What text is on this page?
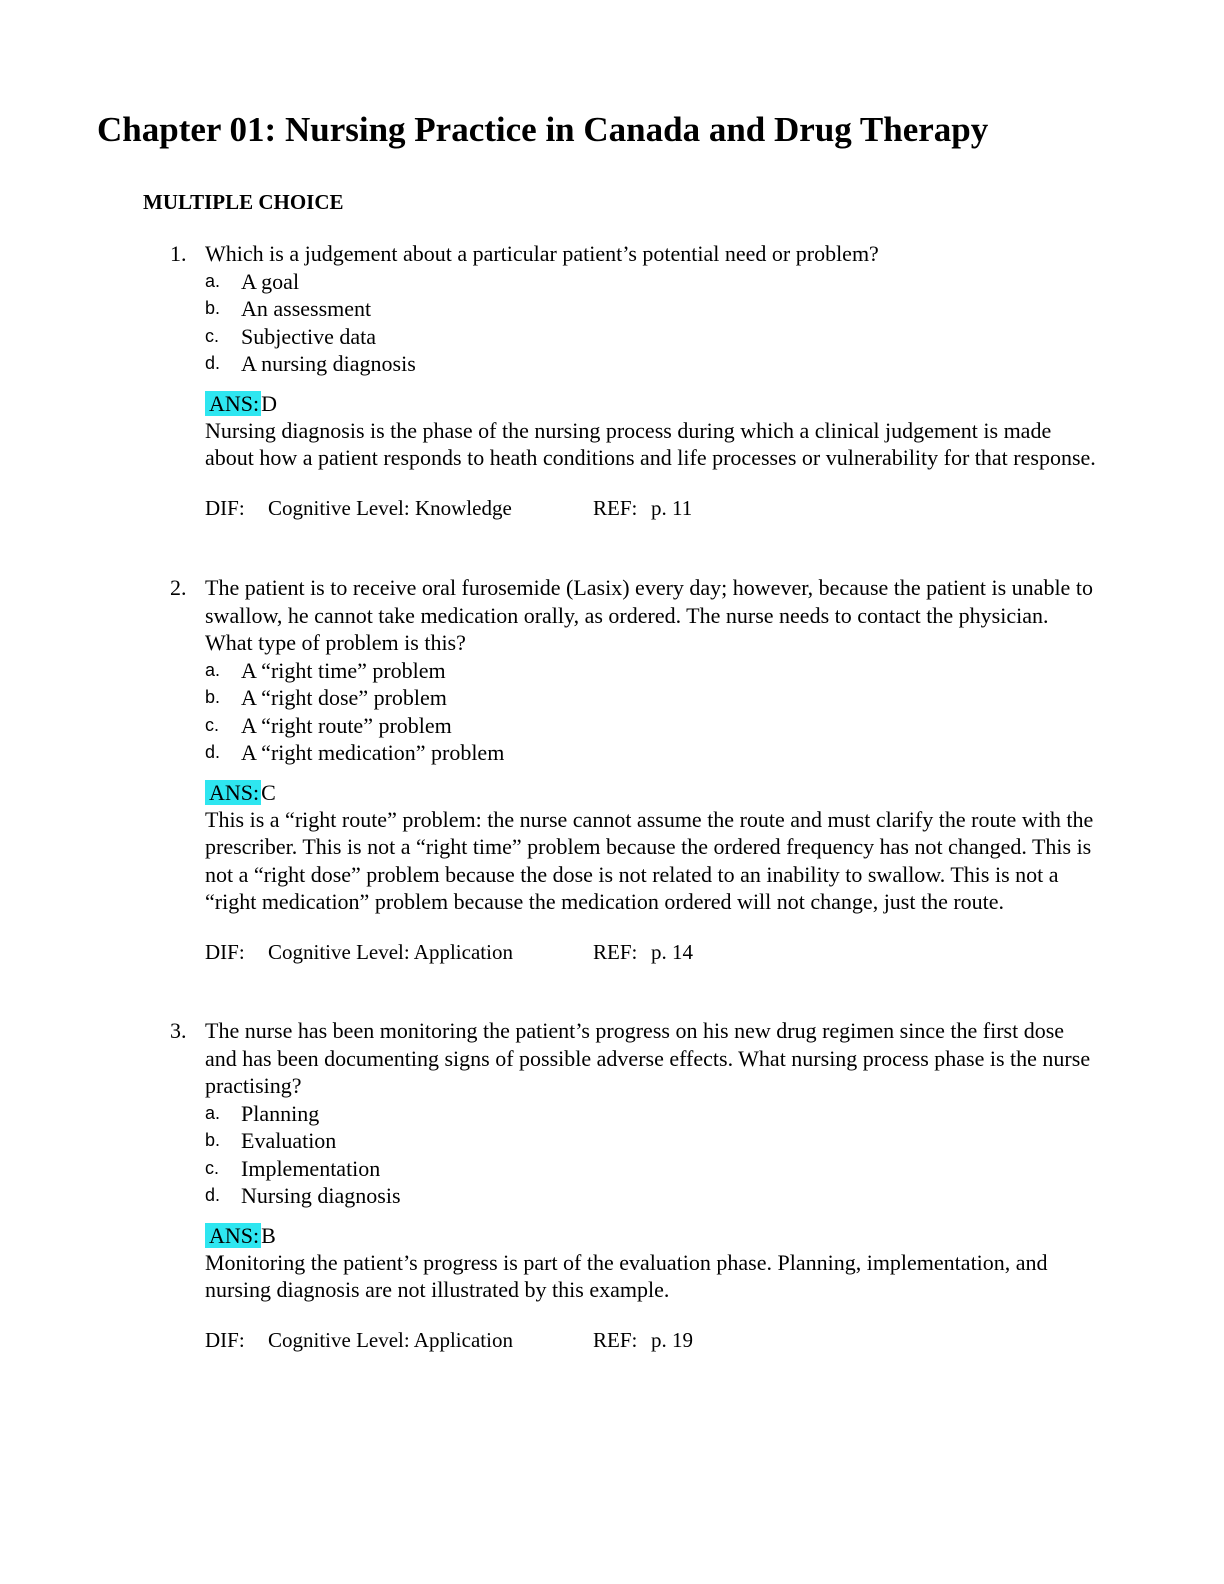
Chapter 01: Nursing Practice in Canada and Drug Therapy
MULTIPLE CHOICE

1. Which is a judgement about a particular patient’s potential need or problem?

a. A goal
b. An assessment
c. Subjective data
d. A nursing diagnosis
ANS:D

Nursing diagnosis is the phase of the nursing process during which a clinical judgement is made about how a patient responds to heath conditions and life processes or vulnerability for that response.

DIF: Cognitive Level: Knowledge	REF: p. 11

2. The patient is to receive oral furosemide (Lasix) every day; however, because the patient is unable to swallow, he cannot take medication orally, as ordered. The nurse needs to contact the physician. What type of problem is this?

a. A “right time” problem
b. A “right dose” problem
c. A “right route” problem
d. A “right medication” problem
ANS:C

This is a “right route” problem: the nurse cannot assume the route and must clarify the route with the prescriber. This is not a “right time” problem because the ordered frequency has not changed. This is not a “right dose” problem because the dose is not related to an inability to swallow. This is not a “right medication” problem because the medication ordered will not change, just the route.

DIF: Cognitive Level: Application	REF: p. 14

3. The nurse has been monitoring the patient’s progress on his new drug regimen since the first dose and has been documenting signs of possible adverse effects. What nursing process phase is the nurse practising?

a. Planning
b. Evaluation
c. Implementation
d. Nursing diagnosis
ANS:B

Monitoring the patient’s progress is part of the evaluation phase. Planning, implementation, and nursing diagnosis are not illustrated by this example.

DIF: Cognitive Level: Application	REF: p. 19
